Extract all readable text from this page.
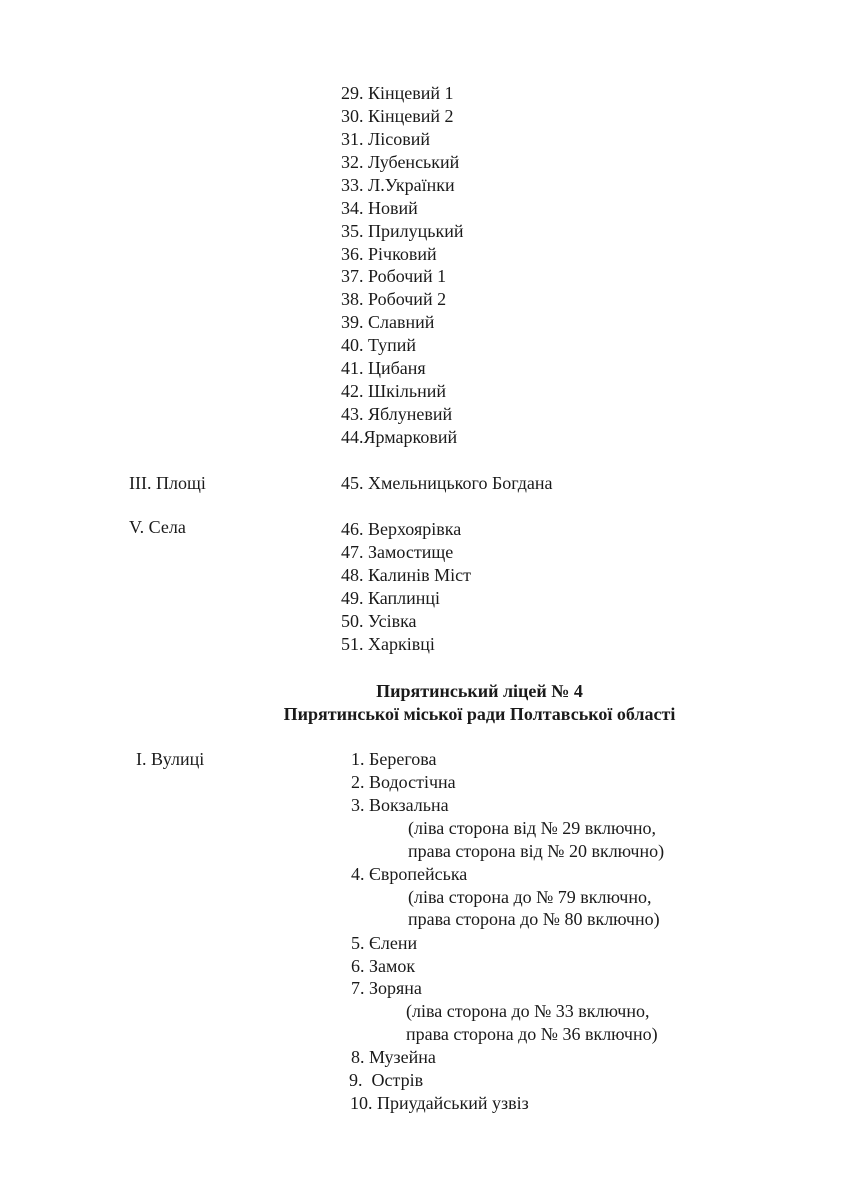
29. Кінцевий 1
30. Кінцевий 2
31. Лісовий
32. Лубенський
33. Л.Українки
34. Новий
35. Прилуцький
36. Річковий
37. Робочий 1
38. Робочий 2
39. Славний
40. Тупий
41. Цибаня
42. Шкільний
43. Яблуневий
44.Ярмарковий
ІІІ. Площі	45. Хмельницького Богдана
V. Села	46. Верхоярівка
47. Замостище
48. Калинів Міст
49. Каплинці
50. Усівка
51. Харківці
Пирятинський ліцей № 4
Пирятинської міської ради Полтавської області
І. Вулиці	1. Берегова
2. Водостічна
3. Вокзальна
(ліва сторона від № 29 включно,
права сторона від № 20 включно)
4. Європейська
(ліва сторона до № 79 включно,
права сторона до № 80 включно)
5. Єлени
6. Замок
7. Зоряна
(ліва сторона до № 33 включно,
права сторона до № 36 включно)
8. Музейна
9.  Острів
10. Приудайський узвіз
